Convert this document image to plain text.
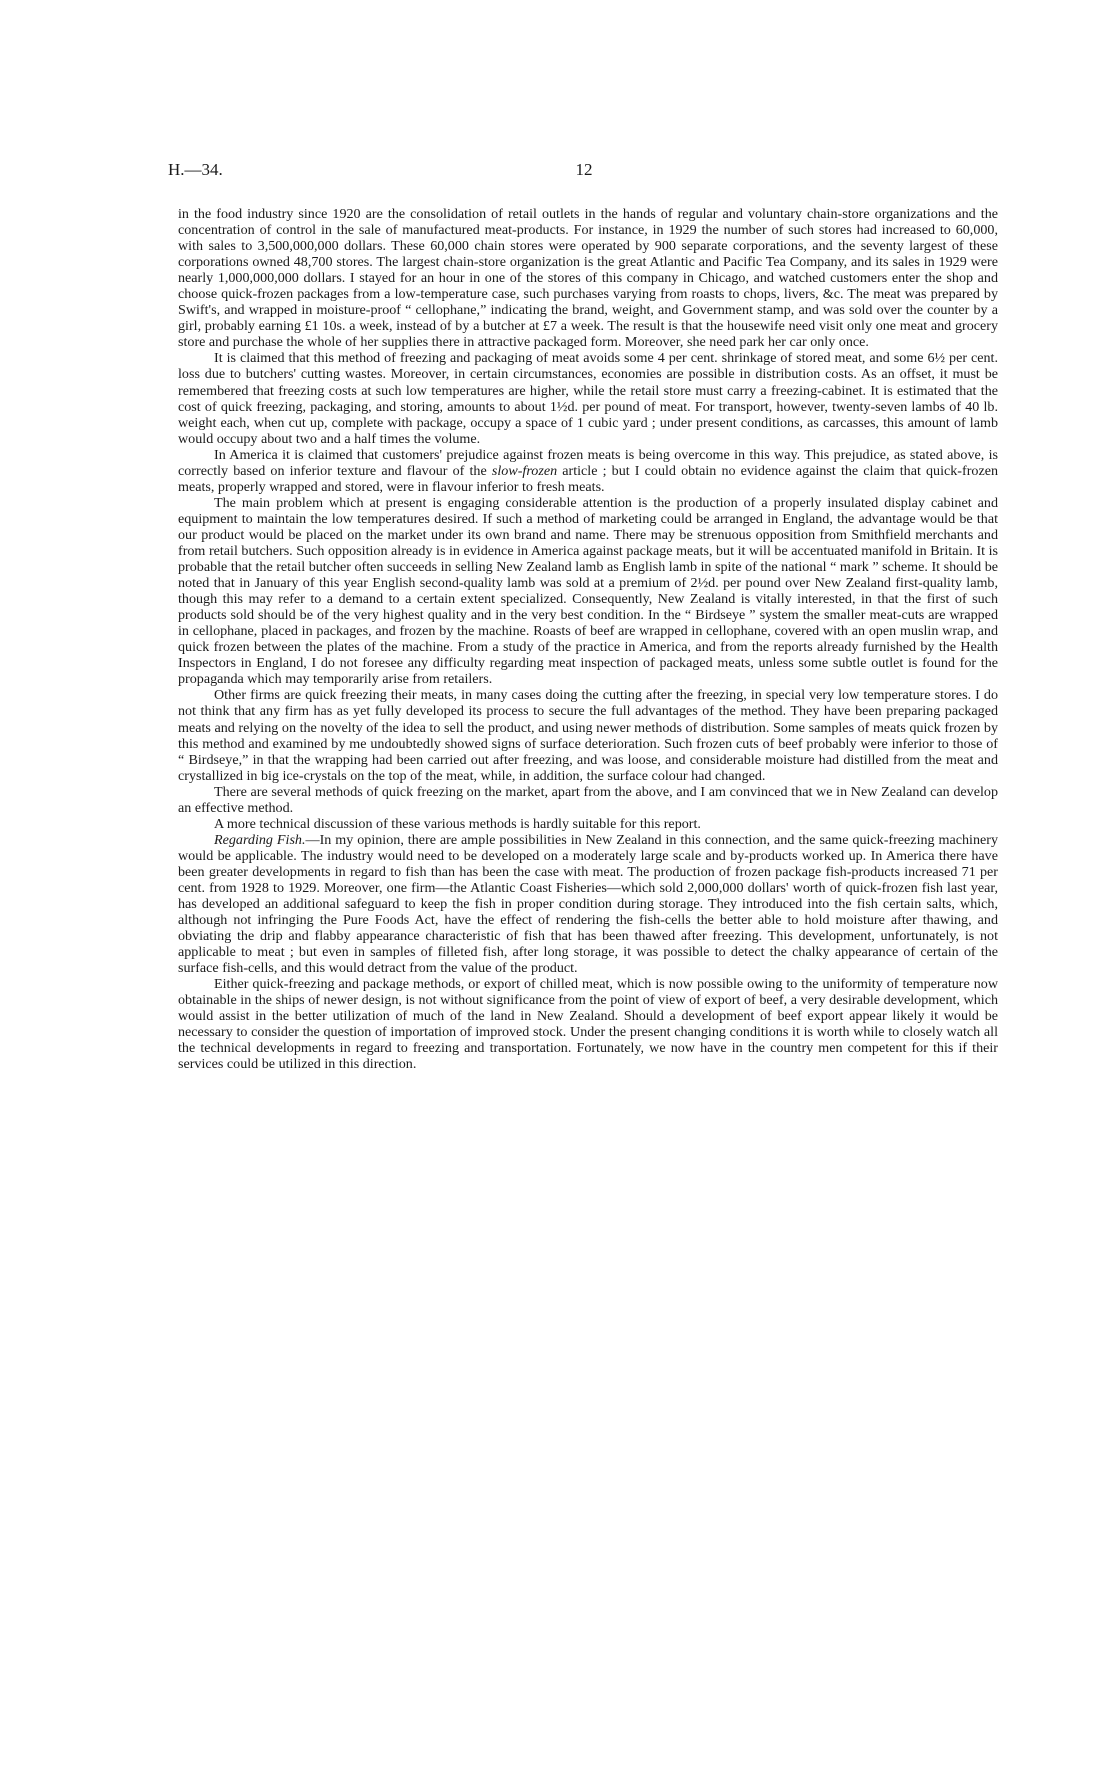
H.—34.	12

in the food industry since 1920 are the consolidation of retail outlets in the hands of regular and voluntary chain-store organizations and the concentration of control in the sale of manufactured meat-products. For instance, in 1929 the number of such stores had increased to 60,000, with sales to 3,500,000,000 dollars. These 60,000 chain stores were operated by 900 separate corporations, and the seventy largest of these corporations owned 48,700 stores. The largest chain-store organization is the great Atlantic and Pacific Tea Company, and its sales in 1929 were nearly 1,000,000,000 dollars. I stayed for an hour in one of the stores of this company in Chicago, and watched customers enter the shop and choose quick-frozen packages from a low-temperature case, such purchases varying from roasts to chops, livers, &c. The meat was prepared by Swift's, and wrapped in moisture-proof “ cellophane,” indicating the brand, weight, and Government stamp, and was sold over the counter by a girl, probably earning £1 10s. a week, instead of by a butcher at £7 a week. The result is that the housewife need visit only one meat and grocery store and purchase the whole of her supplies there in attractive packaged form. Moreover, she need park her car only once.

It is claimed that this method of freezing and packaging of meat avoids some 4 per cent. shrinkage of stored meat, and some 6½ per cent. loss due to butchers' cutting wastes. Moreover, in certain circumstances, economies are possible in distribution costs. As an offset, it must be remembered that freezing costs at such low temperatures are higher, while the retail store must carry a freezing-cabinet. It is estimated that the cost of quick freezing, packaging, and storing, amounts to about 1½d. per pound of meat. For transport, however, twenty-seven lambs of 40 lb. weight each, when cut up, complete with package, occupy a space of 1 cubic yard ; under present conditions, as carcasses, this amount of lamb would occupy about two and a half times the volume.

In America it is claimed that customers' prejudice against frozen meats is being overcome in this way. This prejudice, as stated above, is correctly based on inferior texture and flavour of the slow-frozen article ; but I could obtain no evidence against the claim that quick-frozen meats, properly wrapped and stored, were in flavour inferior to fresh meats.

The main problem which at present is engaging considerable attention is the production of a properly insulated display cabinet and equipment to maintain the low temperatures desired. If such a method of marketing could be arranged in England, the advantage would be that our product would be placed on the market under its own brand and name. There may be strenuous opposition from Smithfield merchants and from retail butchers. Such opposition already is in evidence in America against package meats, but it will be accentuated manifold in Britain. It is probable that the retail butcher often succeeds in selling New Zealand lamb as English lamb in spite of the national “ mark ” scheme. It should be noted that in January of this year English second-quality lamb was sold at a premium of 2½d. per pound over New Zealand first-quality lamb, though this may refer to a demand to a certain extent specialized. Consequently, New Zealand is vitally interested, in that the first of such products sold should be of the very highest quality and in the very best condition. In the “ Birdseye ” system the smaller meat-cuts are wrapped in cellophane, placed in packages, and frozen by the machine. Roasts of beef are wrapped in cellophane, covered with an open muslin wrap, and quick frozen between the plates of the machine. From a study of the practice in America, and from the reports already furnished by the Health Inspectors in England, I do not foresee any difficulty regarding meat inspection of packaged meats, unless some subtle outlet is found for the propaganda which may temporarily arise from retailers.

Other firms are quick freezing their meats, in many cases doing the cutting after the freezing, in special very low temperature stores. I do not think that any firm has as yet fully developed its process to secure the full advantages of the method. They have been preparing packaged meats and relying on the novelty of the idea to sell the product, and using newer methods of distribution. Some samples of meats quick frozen by this method and examined by me undoubtedly showed signs of surface deterioration. Such frozen cuts of beef probably were inferior to those of “ Birdseye,” in that the wrapping had been carried out after freezing, and was loose, and considerable moisture had distilled from the meat and crystallized in big ice-crystals on the top of the meat, while, in addition, the surface colour had changed.

There are several methods of quick freezing on the market, apart from the above, and I am convinced that we in New Zealand can develop an effective method.

A more technical discussion of these various methods is hardly suitable for this report.

Regarding Fish.—In my opinion, there are ample possibilities in New Zealand in this connection, and the same quick-freezing machinery would be applicable. The industry would need to be developed on a moderately large scale and by-products worked up. In America there have been greater developments in regard to fish than has been the case with meat. The production of frozen package fish-products increased 71 per cent. from 1928 to 1929. Moreover, one firm—the Atlantic Coast Fisheries—which sold 2,000,000 dollars' worth of quick-frozen fish last year, has developed an additional safeguard to keep the fish in proper condition during storage. They introduced into the fish certain salts, which, although not infringing the Pure Foods Act, have the effect of rendering the fish-cells the better able to hold moisture after thawing, and obviating the drip and flabby appearance characteristic of fish that has been thawed after freezing. This development, unfortunately, is not applicable to meat ; but even in samples of filleted fish, after long storage, it was possible to detect the chalky appearance of certain of the surface fish-cells, and this would detract from the value of the product.

Either quick-freezing and package methods, or export of chilled meat, which is now possible owing to the uniformity of temperature now obtainable in the ships of newer design, is not without significance from the point of view of export of beef, a very desirable development, which would assist in the better utilization of much of the land in New Zealand. Should a development of beef export appear likely it would be necessary to consider the question of importation of improved stock. Under the present changing conditions it is worth while to closely watch all the technical developments in regard to freezing and transportation. Fortunately, we now have in the country men competent for this if their services could be utilized in this direction.
